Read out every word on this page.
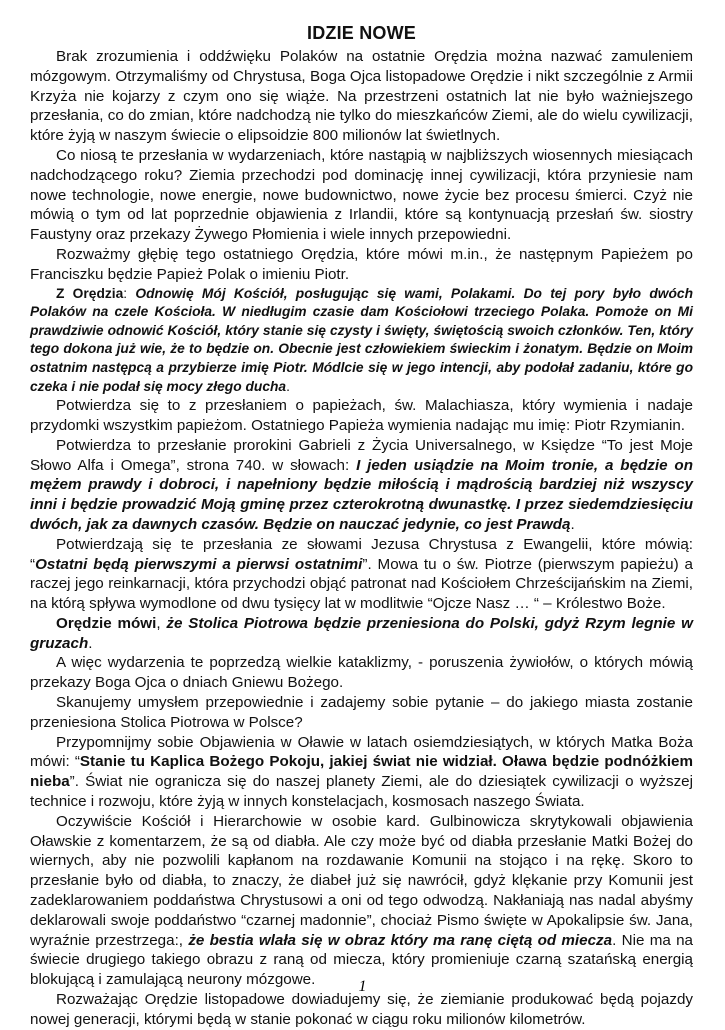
IDZIE NOWE

Brak zrozumienia i oddźwięku Polaków na ostatnie Orędzia można nazwać zamuleniem mózgowym. Otrzymaliśmy od Chrystusa, Boga Ojca listopadowe Orędzie i nikt szczególnie z Armii Krzyża nie kojarzy z czym ono się wiąże. Na przestrzeni ostatnich lat nie było ważniejszego przesłania, co do zmian, które nadchodzą nie tylko do mieszkańców Ziemi, ale do wielu cywilizacji, które żyją w naszym świecie o elipsoidzie 800 milionów lat świetlnych.

Co niosą te przesłania w wydarzeniach, które nastąpią w najbliższych wiosennych miesiącach nadchodzącego roku? Ziemia przechodzi pod dominację innej cywilizacji, która przyniesie nam nowe technologie, nowe energie, nowe budownictwo, nowe życie bez procesu śmierci. Czyż nie mówią o tym od lat poprzednie objawienia z Irlandii, które są kontynuacją przesłań św. siostry Faustyny oraz przekazy Żywego Płomienia i wiele innych przepowiedni.

Rozważmy głębię tego ostatniego Orędzia, które mówi m.in., że następnym Papieżem po Franciszku będzie Papież Polak o imieniu Piotr.

Z Orędzia: Odnowię Mój Kościół, posługując się wami, Polakami. Do tej pory było dwóch Polaków na czele Kościoła. W niedługim czasie dam Kościołowi trzeciego Polaka. Pomoże on Mi prawdziwie odnowić Kościół, który stanie się czysty i święty, świętością swoich członków. Ten, który tego dokona już wie, że to będzie on. Obecnie jest człowiekiem świeckim i żonatym. Będzie on Moim ostatnim następcą a przybierze imię Piotr. Módlcie się w jego intencji, aby podołał zadaniu, które go czeka i nie podał się mocy złego ducha.

Potwierdza się to z przesłaniem o papieżach, św. Malachiasza, który wymienia i nadaje przydomki wszystkim papieżom. Ostatniego Papieża wymienia nadając mu imię: Piotr Rzymianin.

Potwierdza to przesłanie prorokini Gabrieli z Życia Universalnego, w Księdze “To jest Moje Słowo Alfa i Omega”, strona 740. w słowach: I jeden usiądzie na Moim tronie, a będzie on mężem prawdy i dobroci, i napełniony będzie miłością i mądrością bardziej niż wszyscy inni i będzie prowadzić Moją gminę przez czterokrotną dwunastkę. I przez siedemdziesięciu dwóch, jak za dawnych czasów. Będzie on nauczać jedynie, co jest Prawdą.

Potwierdzają się te przesłania ze słowami Jezusa Chrystusa z Ewangelii, które mówią: “Ostatni będą pierwszymi a pierwsi ostatnimi”. Mowa tu o św. Piotrze (pierwszym papieżu) a raczej jego reinkarnacji, która przychodzi objąć patronat nad Kościołem Chrześcijańskim na Ziemi, na którą spływa wymodlone od dwu tysięcy lat w modlitwie “Ojcze Nasz … “ – Królestwo Boże.

Orędzie mówi, że Stolica Piotrowa będzie przeniesiona do Polski, gdyż Rzym legnie w gruzach.

A więc wydarzenia te poprzedzą wielkie kataklizmy, - poruszenia żywiołów, o których mówią przekazy Boga Ojca o dniach Gniewu Bożego.

Skanujemy umysłem przepowiednie i zadajemy sobie pytanie – do jakiego miasta zostanie przeniesiona Stolica Piotrowa w Polsce?

Przypomnijmy sobie Objawienia w Oławie w latach osiemdziesiątych, w których Matka Boża mówi: “Stanie tu Kaplica Bożego Pokoju, jakiej świat nie widział. Oława będzie podnóżkiem nieba”. Świat nie ogranicza się do naszej planety Ziemi, ale do dziesiątek cywilizacji o wyższej technice i rozwoju, które żyją w innych konstelacjach, kosmosach naszego Świata.

Oczywiście Kościół i Hierarchowie w osobie kard. Gulbinowicza skrytykowali objawienia Oławskie z komentarzem, że są od diabła. Ale czy może być od diabła przesłanie Matki Bożej do wiernych, aby nie pozwolili kapłanom na rozdawanie Komunii na stojąco i na rękę. Skoro to przesłanie było od diabła, to znaczy, że diabeł już się nawrócił, gdyż klękanie przy Komunii jest zadeklarowaniem poddaństwa Chrystusowi a oni od tego odwodzą. Nakłaniają nas nadal abyśmy deklarowali swoje poddaństwo “czarnej madonnie”, chociaż Pismo święte w Apokalipsie św. Jana, wyraźnie przestrzega:, że bestia wlała się w obraz który ma ranę ciętą od miecza. Nie ma na świecie drugiego takiego obrazu z raną od miecza, który promieniuje czarną szatańską energią blokującą i zamulającą neurony mózgowe.

Rozważając Orędzie listopadowe dowiadujemy się, że ziemianie produkować będą pojazdy nowej generacji, którymi będą w stanie pokonać w ciągu roku milionów kilometrów.

1
